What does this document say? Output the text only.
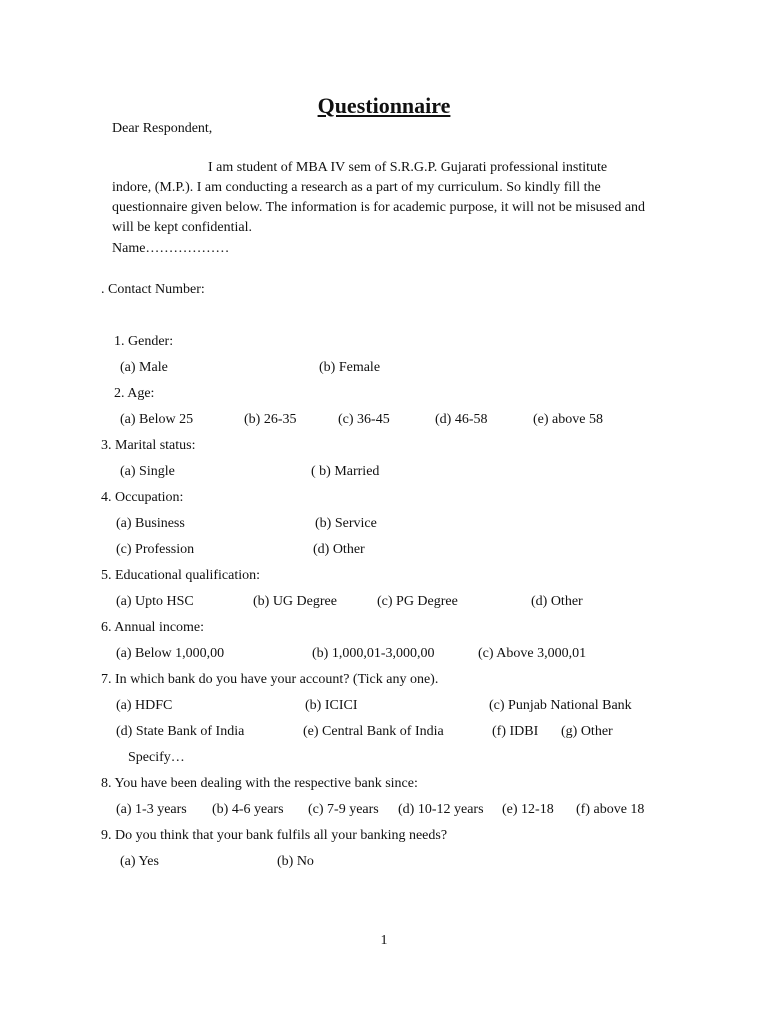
Questionnaire
Dear Respondent,
I am student of MBA IV sem of S.R.G.P. Gujarati professional institute
indore, (M.P.). I am conducting a research as a part of my curriculum. So kindly fill the questionnaire given below. The information is for academic purpose, it will not be misused and will be kept confidential.
Name………………
. Contact Number:
1. Gender:
(a) Male	(b) Female
2. Age:
(a) Below 25	(b) 26-35	(c) 36-45	(d) 46-58	(e) above 58
3. Marital status:
(a) Single	( b) Married
4. Occupation:
(a) Business	(b) Service
(c) Profession	(d) Other
5. Educational qualification:
(a) Upto HSC	(b) UG Degree	(c) PG Degree	(d) Other
6. Annual income:
(a) Below 1,000,00	(b) 1,000,01-3,000,00	(c) Above 3,000,01
7. In which bank do you have your account? (Tick any one).
(a) HDFC	(b) ICICI	(c) Punjab National Bank
(d) State Bank of India	(e) Central Bank of India	(f) IDBI (g) Other
Specify…
8. You have been dealing with the respective bank since:
(a) 1-3 years (b) 4-6 years (c) 7-9 years (d) 10-12 years (e) 12-18 (f) above 18
9. Do you think that your bank fulfils all your banking needs?
(a) Yes	(b) No
1
